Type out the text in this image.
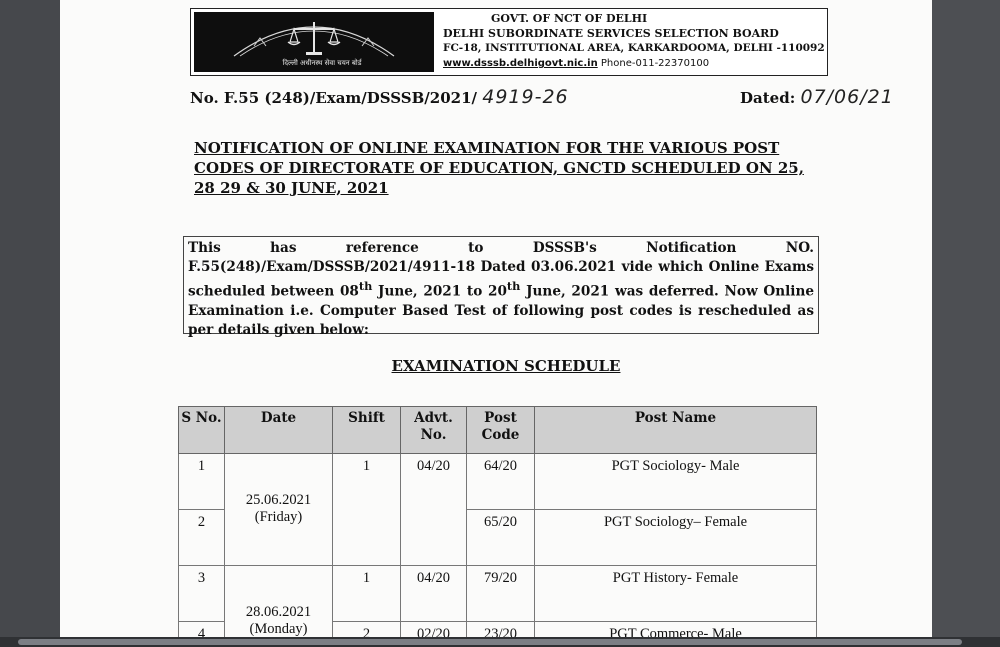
दिल्ली अधीनस्थ सेवा चयन बोर्ड
GOVT. OF NCT OF DELHI
DELHI SUBORDINATE SERVICES SELECTION BOARD
FC-18, INSTITUTIONAL AREA, KARKARDOOMA, DELHI -110092
www.dsssb.delhigovt.nic.in Phone-011-22370100
No. F.55 (248)/Exam/DSSSB/2021/ 4919-26	Dated: 07/06/21
NOTIFICATION OF ONLINE EXAMINATION FOR THE VARIOUS POST CODES OF DIRECTORATE OF EDUCATION, GNCTD SCHEDULED ON 25, 28 29 & 30 JUNE, 2021
This has reference to DSSSB's Notification NO. F.55(248)/Exam/DSSSB/2021/4911-18 Dated 03.06.2021 vide which Online Exams scheduled between 08th June, 2021 to 20th June, 2021 was deferred. Now Online Examination i.e. Computer Based Test of following post codes is rescheduled as per details given below:
EXAMINATION SCHEDULE
S No.	Date	Shift	Advt. No.	Post Code	Post Name
1	25.06.2021
(Friday)	1	04/20	64/20	PGT Sociology- Male
2				65/20	PGT Sociology– Female
3	28.06.2021
(Monday)	1	04/20	79/20	PGT History- Female
4		2	02/20	23/20	PGT Commerce- Male
